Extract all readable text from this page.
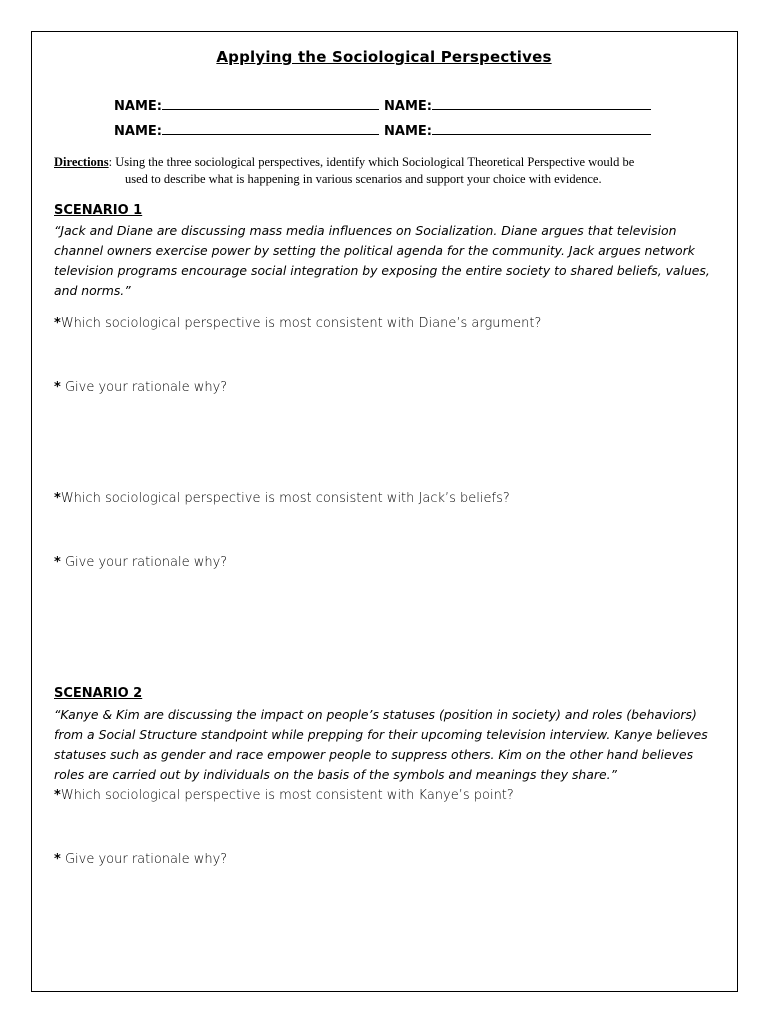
Applying the Sociological Perspectives
NAME:	NAME:
NAME:	NAME:
Directions: Using the three sociological perspectives, identify which Sociological Theoretical Perspective would be
used to describe what is happening in various scenarios and support your choice with evidence.
SCENARIO 1
“Jack and Diane are discussing mass media influences on Socialization. Diane argues that television channel owners exercise power by setting the political agenda for the community. Jack argues network television programs encourage social integration by exposing the entire society to shared beliefs, values, and norms.”
*Which sociological perspective is most consistent with Diane’s argument?
* Give your rationale why?
*Which sociological perspective is most consistent with Jack’s beliefs?
* Give your rationale why?
SCENARIO 2
“Kanye & Kim are discussing the impact on people’s statuses (position in society) and roles (behaviors) from a Social Structure standpoint while prepping for their upcoming television interview. Kanye believes statuses such as gender and race empower people to suppress others. Kim on the other hand believes roles are carried out by individuals on the basis of the symbols and meanings they share.”
*Which sociological perspective is most consistent with Kanye’s point?
* Give your rationale why?
